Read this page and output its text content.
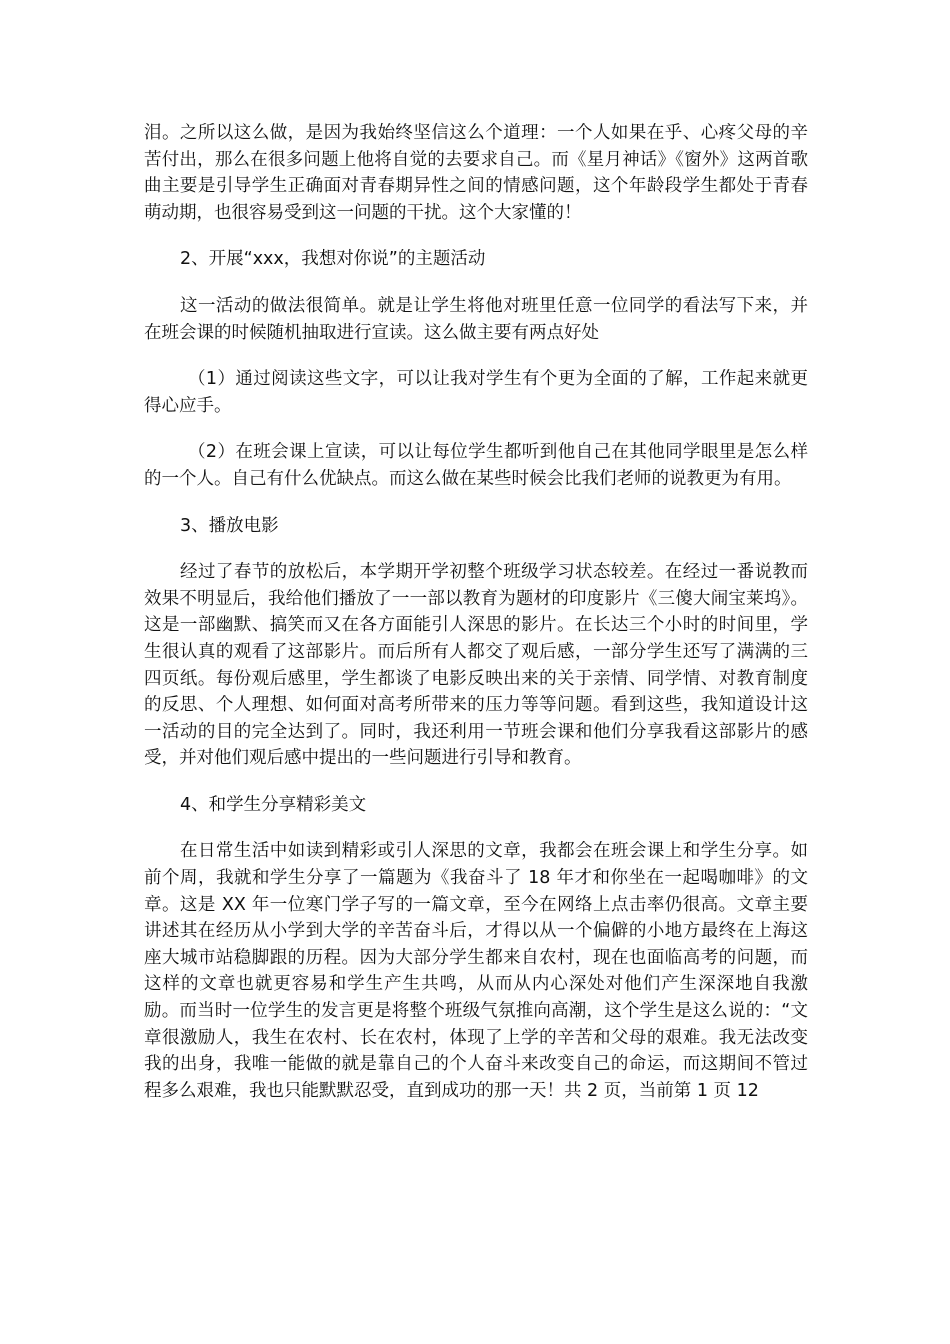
泪。之所以这么做，是因为我始终坚信这么个道理：一个人如果在乎、心疼父母的辛苦付出，那么在很多问题上他将自觉的去要求自己。而《星月神话》《窗外》这两首歌曲主要是引导学生正确面对青春期异性之间的情感问题，这个年龄段学生都处于青春萌动期，也很容易受到这一问题的干扰。这个大家懂的！

2、开展“xxx，我想对你说”的主题活动

这一活动的做法很简单。就是让学生将他对班里任意一位同学的看法写下来，并在班会课的时候随机抽取进行宣读。这么做主要有两点好处

（1）通过阅读这些文字，可以让我对学生有个更为全面的了解，工作起来就更得心应手。

（2）在班会课上宣读，可以让每位学生都听到他自己在其他同学眼里是怎么样的一个人。自己有什么优缺点。而这么做在某些时候会比我们老师的说教更为有用。

3、播放电影

经过了春节的放松后，本学期开学初整个班级学习状态较差。在经过一番说教而效果不明显后，我给他们播放了一一部以教育为题材的印度影片《三傻大闹宝莱坞》。这是一部幽默、搞笑而又在各方面能引人深思的影片。在长达三个小时的时间里，学生很认真的观看了这部影片。而后所有人都交了观后感，一部分学生还写了满满的三四页纸。每份观后感里，学生都谈了电影反映出来的关于亲情、同学情、对教育制度的反思、个人理想、如何面对高考所带来的压力等等问题。看到这些，我知道设计这一活动的目的完全达到了。同时，我还利用一节班会课和他们分享我看这部影片的感受，并对他们观后感中提出的一些问题进行引导和教育。

4、和学生分享精彩美文

在日常生活中如读到精彩或引人深思的文章，我都会在班会课上和学生分享。如前个周，我就和学生分享了一篇题为《我奋斗了 18 年才和你坐在一起喝咖啡》的文章。这是 XX 年一位寒门学子写的一篇文章，至今在网络上点击率仍很高。文章主要讲述其在经历从小学到大学的辛苦奋斗后，才得以从一个偏僻的小地方最终在上海这座大城市站稳脚跟的历程。因为大部分学生都来自农村，现在也面临高考的问题，而这样的文章也就更容易和学生产生共鸣，从而从内心深处对他们产生深深地自我激励。而当时一位学生的发言更是将整个班级气氛推向高潮，这个学生是这么说的：“文章很激励人，我生在农村、长在农村，体现了上学的辛苦和父母的艰难。我无法改变我的出身，我唯一能做的就是靠自己的个人奋斗来改变自己的命运，而这期间不管过程多么艰难，我也只能默默忍受，直到成功的那一天！共 2 页，当前第 1 页 12
